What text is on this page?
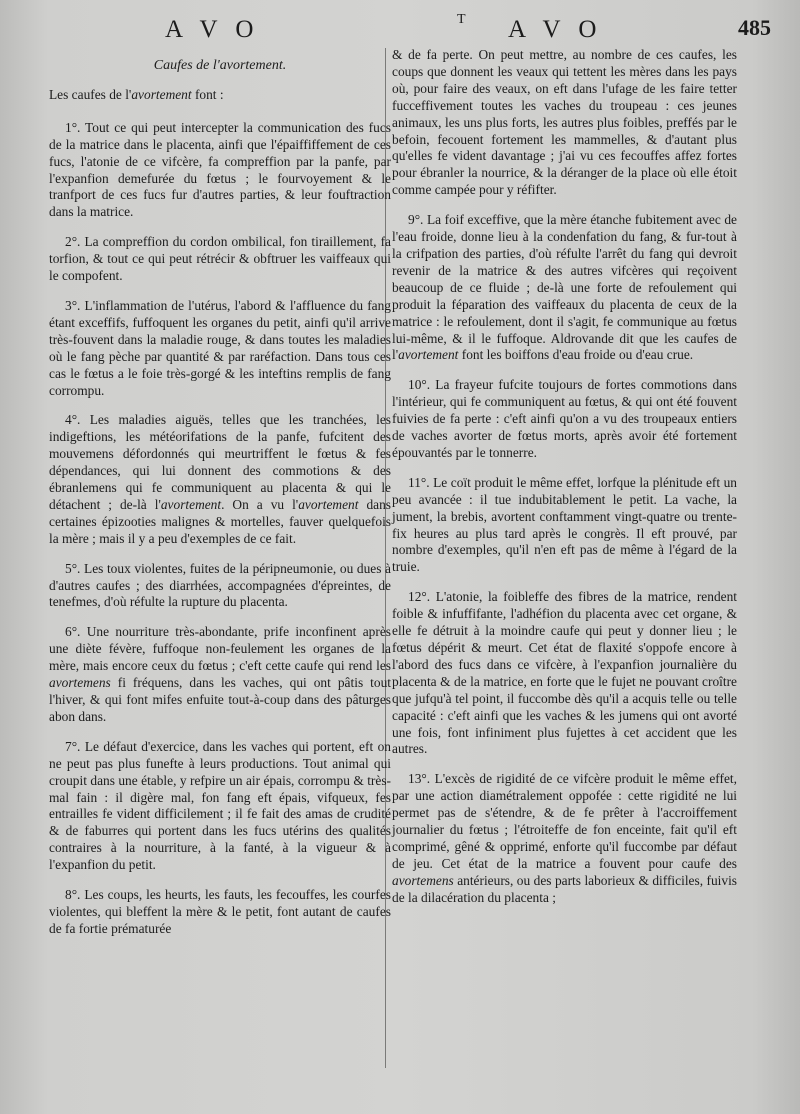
A V O	T A V O	485

Caufes de l'avortement.

Les caufes de l'avortement font :

1°. Tout ce qui peut intercepter la communication des fucs de la matrice dans le placenta, ainfi que l'épaiffiffement de ces fucs, l'atonie de ce vifcère, fa compreffion par la panfe, par l'expanfion demefurée du fœtus ; le fourvoyement & le tranfport de ces fucs fur d'autres parties, & leur fouftraction dans la matrice.

2°. La compreffion du cordon ombilical, fon tiraillement, fa torfion, & tout ce qui peut rétrécir & obftruer les vaiffeaux qui le compofent.

3°. L'inflammation de l'utérus, l'abord & l'affluence du fang étant exceffifs, fuffoquent les organes du petit, ainfi qu'il arrive très-fouvent dans la maladie rouge, & dans toutes les maladies où le fang pèche par quantité & par raréfaction. Dans tous ces cas le fœtus a le foie très-gorgé & les inteftins remplis de fang corrompu.

4°. Les maladies aiguës, telles que les tranchées, les indigeftions, les météorifations de la panfe, fufcitent des mouvemens défordonnés qui meurtriffent le fœtus & fes dépendances, qui lui donnent des commotions & des ébranlemens qui fe communiquent au placenta & qui le détachent ; de-là l'avortement. On a vu l'avortement dans certaines épizooties malignes & mortelles, fauver quelquefois la mère ; mais il y a peu d'exemples de ce fait.

5°. Les toux violentes, fuites de la péripneumonie, ou dues à d'autres caufes ; des diarrhées, accompagnées d'épreintes, de tenefmes, d'où réfulte la rupture du placenta.

6°. Une nourriture très-abondante, prife inconfinent après une diète févère, fuffoque non-feulement les organes de la mère, mais encore ceux du fœtus ; c'eft cette caufe qui rend les avortemens fi fréquens, dans les vaches, qui ont pâtis tout l'hiver, & qui font mifes enfuite tout-à-coup dans des pâturges abon dans.

7°. Le défaut d'exercice, dans les vaches qui portent, eft on ne peut pas plus funefte à leurs productions. Tout animal qui croupit dans une étable, y refpire un air épais, corrompu & très-mal fain : il digère mal, fon fang eft épais, vifqueux, fes entrailles fe vident difficilement ; il fe fait des amas de crudité & de faburres qui portent dans les fucs utérins des qualités contraires à la nourriture, à la fanté, à la vigueur & à l'expanfion du petit.

8°. Les coups, les heurts, les fauts, les fecouffes, les courfes violentes, qui bleffent la mère & le petit, font autant de caufes de fa fortie prématurée

& de fa perte. On peut mettre, au nombre de ces caufes, les coups que donnent les veaux qui tettent les mères dans les pays où, pour faire des veaux, on eft dans l'ufage de les faire tetter fucceffivement toutes les vaches du troupeau : ces jeunes animaux, les uns plus forts, les autres plus foibles, preffés par le befoin, fecouent fortement les mammelles, & d'autant plus qu'elles fe vident davantage ; j'ai vu ces fecouffes affez fortes pour ébranler la nourrice, & la déranger de la place où elle étoit comme campée pour y réfifter.

9°. La foif exceffive, que la mère étanche fubitement avec de l'eau froide, donne lieu à la condenfation du fang, & fur-tout à la crifpation des parties, d'où réfulte l'arrêt du fang qui devroit revenir de la matrice & des autres vifcères qui reçoivent beaucoup de ce fluide ; de-là une forte de refoulement qui produit la féparation des vaiffeaux du placenta de ceux de la matrice : le refoulement, dont il s'agit, fe communique au fœtus lui-même, & il le fuffoque. Aldrovande dit que les caufes de l'avortement font les boiffons d'eau froide ou d'eau crue.

10°. La frayeur fufcite toujours de fortes commotions dans l'intérieur, qui fe communiquent au fœtus, & qui ont été fouvent fuivies de fa perte : c'eft ainfi qu'on a vu des troupeaux entiers de vaches avorter de fœtus morts, après avoir été fortement épouvantés par le tonnerre.

11°. Le coït produit le même effet, lorfque la plénitude eft un peu avancée : il tue indubitablement le petit. La vache, la jument, la brebis, avortent conftamment vingt-quatre ou trente-fix heures au plus tard après le congrès. Il eft prouvé, par nombre d'exemples, qu'il n'en eft pas de même à l'égard de la truie.

12°. L'atonie, la foibleffe des fibres de la matrice, rendent foible & infuffifante, l'adhéfion du placenta avec cet organe, & elle fe détruit à la moindre caufe qui peut y donner lieu ; le fœtus dépérit & meurt. Cet état de flaxité s'oppofe encore à l'abord des fucs dans ce vifcère, à l'expanfion journalière du placenta & de la matrice, en forte que le fujet ne pouvant croître que jufqu'à tel point, il fuccombe dès qu'il a acquis telle ou telle capacité : c'eft ainfi que les vaches & les jumens qui ont avorté une fois, font infiniment plus fujettes à cet accident que les autres.

13°. L'excès de rigidité de ce vifcère produit le même effet, par une action diamétralement oppofée : cette rigidité ne lui permet pas de s'étendre, & de fe prêter à l'accroiffement journalier du fœtus ; l'étroiteffe de fon enceinte, fait qu'il eft comprimé, gêné & opprimé, enforte qu'il fuccombe par défaut de jeu. Cet état de la matrice a fouvent pour caufe des avortemens antérieurs, ou des parts laborieux & difficiles, fuivis de la dilacération du placenta ;
